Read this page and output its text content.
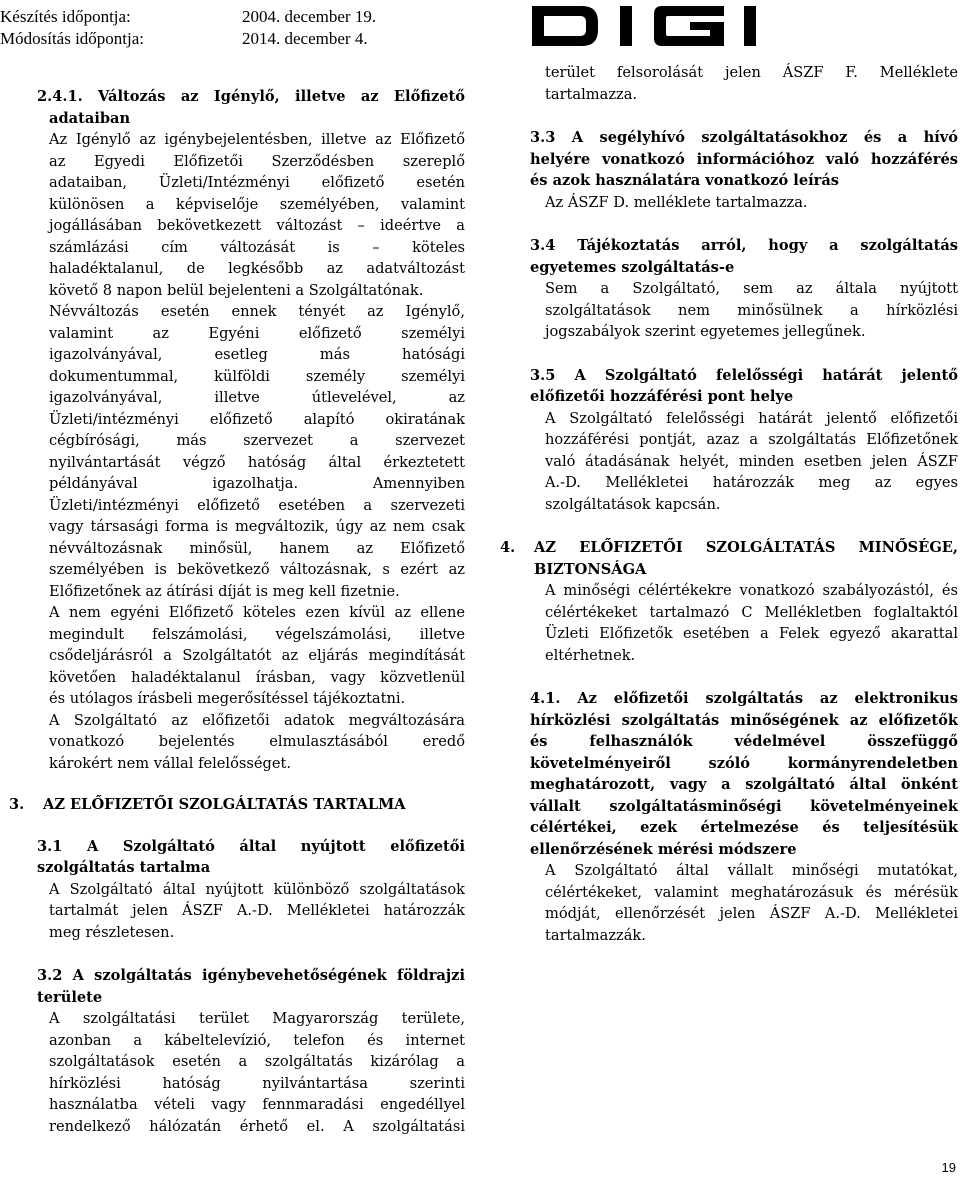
Készítés időpontja:	2004. december 19.
Módosítás időpontja:	2014. december 4.
2.4.1. Változás az Igénylő, illetve az Előfizető
adataiban
Az Igénylő az igénybejelentésben, illetve az Előfizető
az Egyedi Előfizetői Szerződésben szereplő
adataiban, Üzleti/Intézményi előfizető esetén
különösen a képviselője személyében, valamint
jogállásában bekövetkezett változást – ideértve a
számlázási cím változását is – köteles
haladéktalanul, de legkésőbb az adatváltozást
követő 8 napon belül bejelenteni a Szolgáltatónak.
Névváltozás esetén ennek tényét az Igénylő,
valamint az Egyéni előfizető személyi
igazolványával, esetleg más hatósági
dokumentummal, külföldi személy személyi
igazolványával, illetve útlevelével, az
Üzleti/intézményi előfizető alapító okiratának
cégbírósági, más szervezet a szervezet
nyilvántartását végző hatóság által érkeztetett
példányával igazolhatja. Amennyiben
Üzleti/intézményi előfizető esetében a szervezeti
vagy társasági forma is megváltozik, úgy az nem csak
névváltozásnak minősül, hanem az Előfizető
személyében is bekövetkező változásnak, s ezért az
Előfizetőnek az átírási díját is meg kell fizetnie.
A nem egyéni Előfizető köteles ezen kívül az ellene
megindult felszámolási, végelszámolási, illetve
csődeljárásról a Szolgáltatót az eljárás megindítását
követően haladéktalanul írásban, vagy közvetlenül
és utólagos írásbeli megerősítéssel tájékoztatni.
A Szolgáltató az előfizetői adatok megváltozására
vonatkozó bejelentés elmulasztásából eredő
károkért nem vállal felelősséget.
3. AZ ELŐFIZETŐI SZOLGÁLTATÁS TARTALMA
3.1 A Szolgáltató által nyújtott előfizetői
szolgáltatás tartalma
A Szolgáltató által nyújtott különböző szolgáltatások
tartalmát jelen ÁSZF A.-D. Mellékletei határozzák
meg részletesen.
3.2 A szolgáltatás igénybevehetőségének földrajzi
területe
A szolgáltatási terület Magyarország területe,
azonban a kábeltelevízió, telefon és internet
szolgáltatások esetén a szolgáltatás kizárólag a
hírközlési hatóság nyilvántartása szerinti
használatba vételi vagy fennmaradási engedéllyel
rendelkező hálózatán érhető el. A szolgáltatási
terület felsorolását jelen ÁSZF F. Melléklete
tartalmazza.
3.3 A segélyhívó szolgáltatásokhoz és a hívó
helyére vonatkozó információhoz való hozzáférés
és azok használatára vonatkozó leírás
Az ÁSZF D. melléklete tartalmazza.
3.4 Tájékoztatás arról, hogy a szolgáltatás
egyetemes szolgáltatás-e
Sem a Szolgáltató, sem az általa nyújtott
szolgáltatások nem minősülnek a hírközlési
jogszabályok szerint egyetemes jellegűnek.
3.5 A Szolgáltató felelősségi határát jelentő
előfizetői hozzáférési pont helye
A Szolgáltató felelősségi határát jelentő előfizetői
hozzáférési pontját, azaz a szolgáltatás Előfizetőnek
való átadásának helyét, minden esetben jelen ÁSZF
A.-D. Mellékletei határozzák meg az egyes
szolgáltatások kapcsán.
4.	AZ ELŐFIZETŐI SZOLGÁLTATÁS MINŐSÉGE,
BIZTONSÁGA
A minőségi célértékekre vonatkozó szabályozástól, és
célértékeket tartalmazó C Mellékletben foglaltaktól
Üzleti Előfizetők esetében a Felek egyező akarattal
eltérhetnek.
4.1. Az előfizetői szolgáltatás az elektronikus
hírközlési szolgáltatás minőségének az előfizetők
és felhasználók védelmével összefüggő
követelményeiről szóló kormányrendeletben
meghatározott, vagy a szolgáltató által önként
vállalt szolgáltatásminőségi követelményeinek
célértékei, ezek értelmezése és teljesítésük
ellenőrzésének mérési módszere
A Szolgáltató által vállalt minőségi mutatókat,
célértékeket, valamint meghatározásuk és mérésük
módját, ellenőrzését jelen ÁSZF A.-D. Mellékletei
tartalmazzák.
19
